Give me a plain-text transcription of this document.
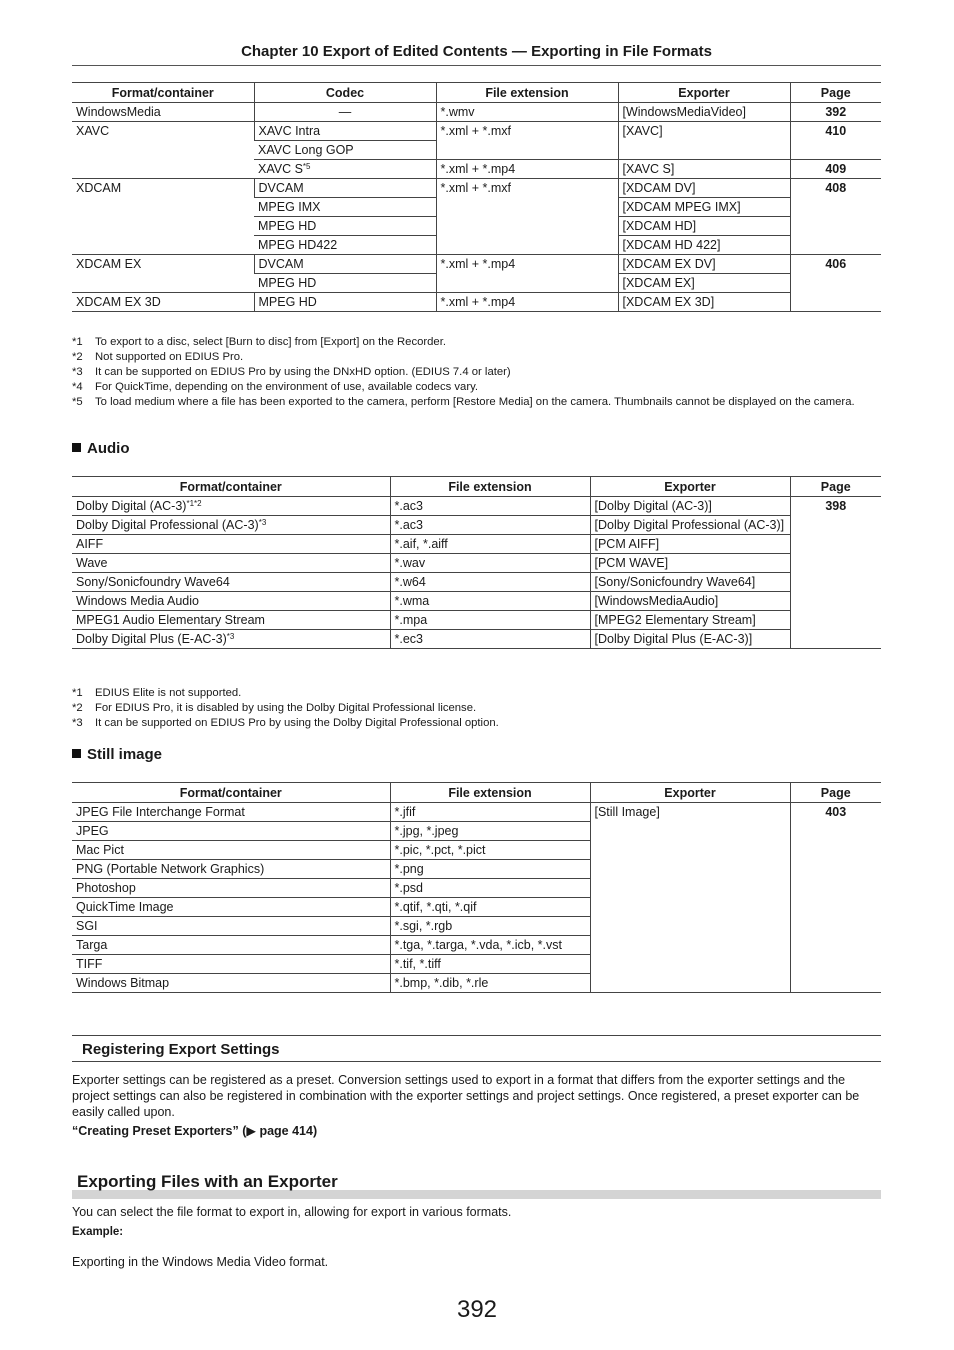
Chapter 10 Export of Edited Contents — Exporting in File Formats
Format/container	Codec	File extension	Exporter	Page
WindowsMedia	—	*.wmv	[WindowsMediaVideo]	392
XAVC	XAVC Intra	*.xml + *.mxf	[XAVC]	410
	XAVC Long GOP			
	XAVC $S^{*5}$	*.xml + *.mp4	[XAVC S]	409
XDCAM	DVCAM	*.xml + *.mxf	[XDCAM DV]	408
	MPEG IMX		[XDCAM MPEG IMX]	
	MPEG HD		[XDCAM HD]	
	MPEG HD422		[XDCAM HD 422]	
XDCAM EX	DVCAM	*.xml + *.mp4	[XDCAM EX DV]	406
	MPEG HD		[XDCAM EX]	
XDCAM EX 3D	MPEG HD	*.xml + *.mp4	[XDCAM EX 3D]	
*1	To export to a disc, select [Burn to disc] from [Export] on the Recorder.
*2	Not supported on EDIUS Pro.
*3	It can be supported on EDIUS Pro by using the DNxHD option. (EDIUS 7.4 or later)
*4	For QuickTime, depending on the environment of use, available codecs vary.
*5	To load medium where a file has been exported to the camera, perform [Restore Media] on the camera. Thumbnails cannot be displayed on the camera.
Audio
Format/container	File extension	Exporter	Page
Dolby Digital $(AC-3)^{*1*2}$	*.ac3	[Dolby Digital (AC-3)]	398
Dolby Digital Professional $(AC-3)^{*3}$	*.ac3	[Dolby Digital Professional (AC-3)]	
AIFF	*.aif, *.aiff	[PCM AIFF]	
Wave	*.wav	[PCM WAVE]	
Sony/Sonicfoundry Wave64	*.w64	[Sony/Sonicfoundry Wave64]	
Windows Media Audio	*.wma	[WindowsMediaAudio]	
MPEG1 Audio Elementary Stream	*.mpa	[MPEG2 Elementary Stream]	
Dolby Digital Plus $(E-AC-3)^{*3}$	*.ec3	[Dolby Digital Plus (E-AC-3)]	
*1	EDIUS Elite is not supported.
*2	For EDIUS Pro, it is disabled by using the Dolby Digital Professional license.
*3	It can be supported on EDIUS Pro by using the Dolby Digital Professional option.
Still image
Format/container	File extension	Exporter	Page
JPEG File Interchange Format	*.jfif	[Still Image]	403
JPEG	*.jpg, *.jpeg		
Mac Pict	*.pic, *.pct, *.pict		
PNG (Portable Network Graphics)	*.png		
Photoshop	*.psd		
QuickTime Image	*.qtif, *.qti, *.qif		
SGI	*.sgi, *.rgb		
Targa	*.tga, *.targa, *.vda, *.icb, *.vst		
TIFF	*.tif, *.tiff		
Windows Bitmap	*.bmp, *.dib, *.rle		
Registering Export Settings
Exporter settings can be registered as a preset. Conversion settings used to export in a format that differs from the exporter settings and the project settings can also be registered in combination with the exporter settings and project settings. Once registered, a preset exporter can be easily called upon.
“Creating Preset Exporters” (▶ page 414)
Exporting Files with an Exporter
You can select the file format to export in, allowing for export in various formats.
Example:
Exporting in the Windows Media Video format.
392
